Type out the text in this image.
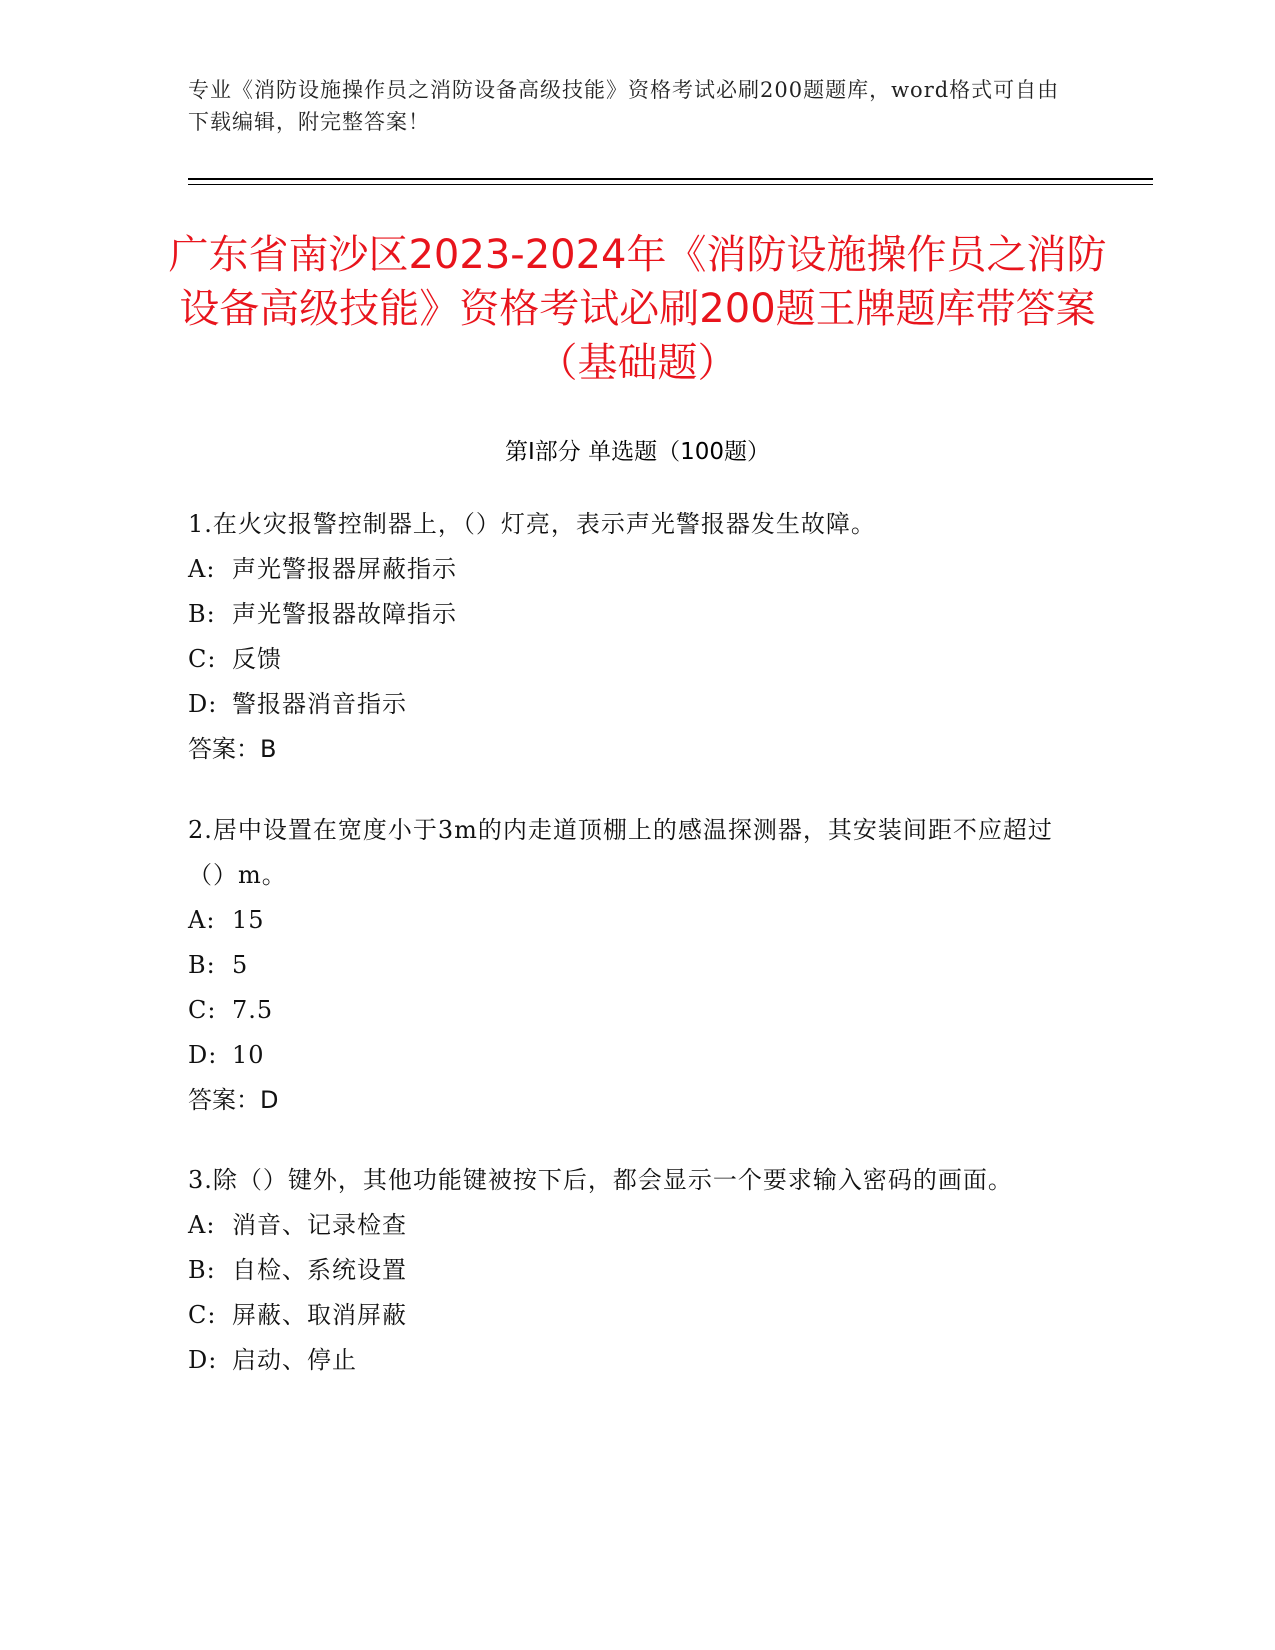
专业《消防设施操作员之消防设备高级技能》资格考试必刷200题题库，word格式可自由下载编辑，附完整答案！
广东省南沙区2023-2024年《消防设施操作员之消防设备高级技能》资格考试必刷200题王牌题库带答案（基础题）
第I部分 单选题（100题）

1.在火灾报警控制器上，（）灯亮，表示声光警报器发生故障。

A: 声光警报器屏蔽指示

B: 声光警报器故障指示

C: 反馈

D: 警报器消音指示

答案：B

2.居中设置在宽度小于3m的内走道顶棚上的感温探测器，其安装间距不应超过（）m。

A: 15

B: 5

C: 7.5

D: 10

答案：D

3.除（）键外，其他功能键被按下后，都会显示一个要求输入密码的画面。

A: 消音、记录检查

B: 自检、系统设置

C: 屏蔽、取消屏蔽

D: 启动、停止
